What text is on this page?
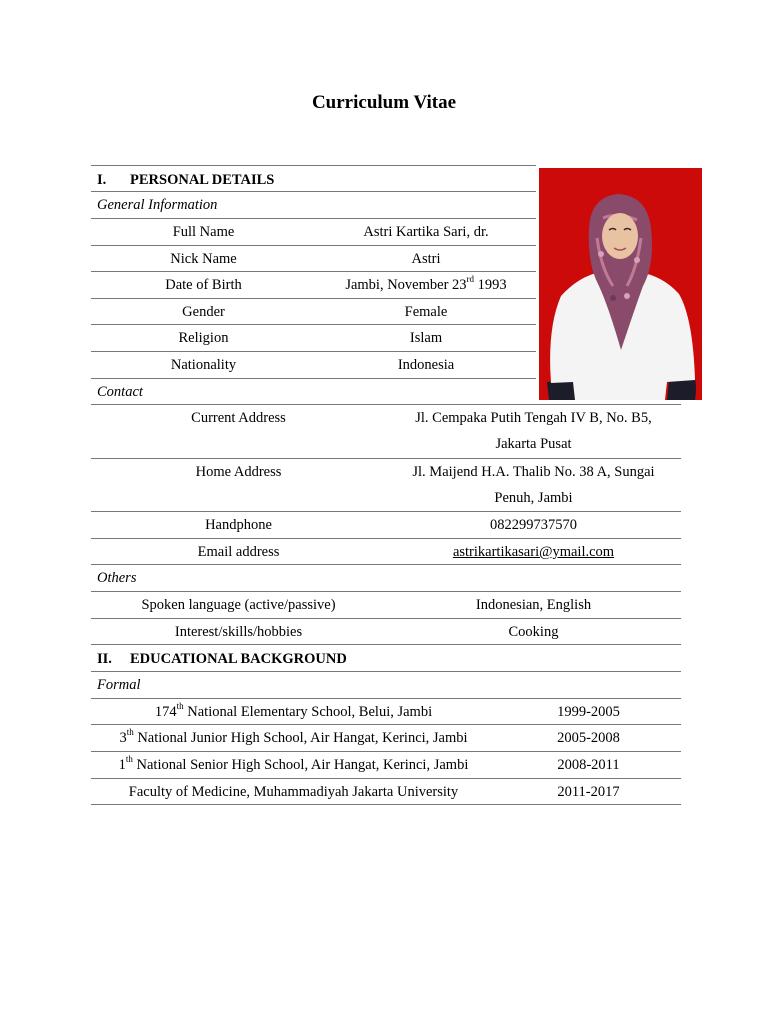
Curriculum Vitae
I. PERSONAL DETAILS
General Information
Full Name	Astri Kartika Sari, dr.
Nick Name	Astri
Date of Birth	Jambi, November 23rd 1993
Gender	Female
Religion	Islam
Nationality	Indonesia
Contact
Current Address	Jl. Cempaka Putih Tengah IV B, No. B5,
Jakarta Pusat
Home Address	Jl. Maijend H.A. Thalib No. 38 A, Sungai
Penuh, Jambi
Handphone	082299737570
Email address	astrikartikasari@ymail.com
Others
Spoken language (active/passive)	Indonesian, English
Interest/skills/hobbies	Cooking
II. EDUCATIONAL BACKGROUND
Formal
174th National Elementary School, Belui, Jambi	1999-2005
3th National Junior High School, Air Hangat, Kerinci, Jambi	2005-2008
1th National Senior High School, Air Hangat, Kerinci, Jambi	2008-2011
Faculty of Medicine, Muhammadiyah Jakarta University	2011-2017
